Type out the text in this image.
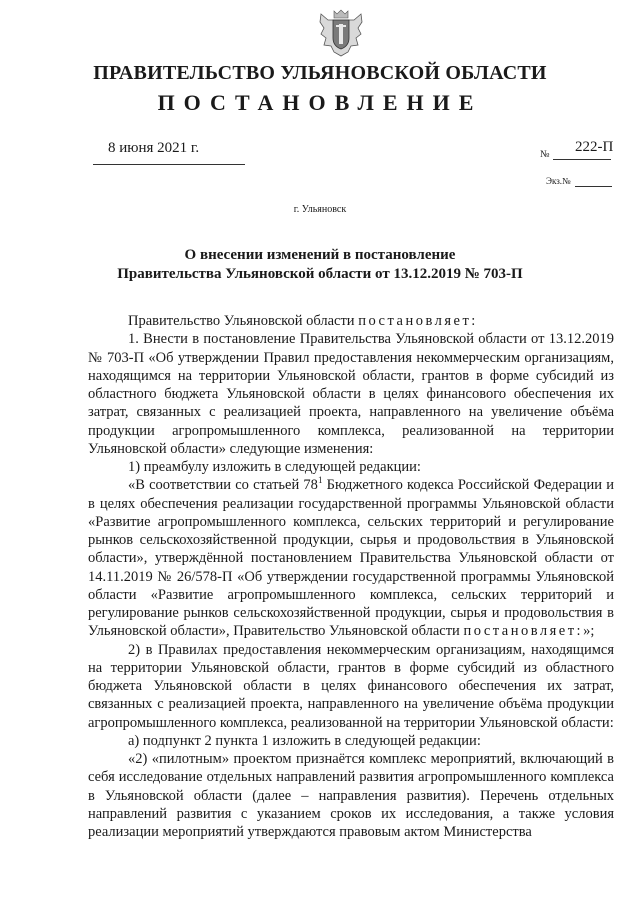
ПРАВИТЕЛЬСТВО УЛЬЯНОВСКОЙ ОБЛАСТИ
ПОСТАНОВЛЕНИЕ
8 июня 2021 г.	№ 222-П
Экз.№
г. Ульяновск
О внесении изменений в постановление
Правительства Ульяновской области от 13.12.2019 № 703-П

Правительство Ульяновской области постановляет:

1. Внести в постановление Правительства Ульяновской области от 13.12.2019 № 703-П «Об утверждении Правил предоставления некоммерческим организациям, находящимся на территории Ульяновской области, грантов в форме субсидий из областного бюджета Ульяновской области в целях финансового обеспечения их затрат, связанных с реализацией проекта, направленного на увеличение объёма продукции агропромышленного комплекса, реализованной на территории Ульяновской области» следующие изменения:

1) преамбулу изложить в следующей редакции:

«В соответствии со статьей $78^1$ Бюджетного кодекса Российской Федерации и в целях обеспечения реализации государственной программы Ульяновской области «Развитие агропромышленного комплекса, сельских территорий и регулирование рынков сельскохозяйственной продукции, сырья и продовольствия в Ульяновской области», утверждённой постановлением Правительства Ульяновской области от 14.11.2019 № 26/578-П «Об утверждении государственной программы Ульяновской области «Развитие агропромышленного комплекса, сельских территорий и регулирование рынков сельскохозяйственной продукции, сырья и продовольствия в Ульяновской области», Правительство Ульяновской области постановляет:»;

2) в Правилах предоставления некоммерческим организациям, находящимся на территории Ульяновской области, грантов в форме субсидий из областного бюджета Ульяновской области в целях финансового обеспечения их затрат, связанных с реализацией проекта, направленного на увеличение объёма продукции агропромышленного комплекса, реализованной на территории Ульяновской области:

а) подпункт 2 пункта 1 изложить в следующей редакции:

«2) «пилотным» проектом признаётся комплекс мероприятий, включающий в себя исследование отдельных направлений развития агропромышленного комплекса в Ульяновской области (далее – направления развития). Перечень отдельных направлений развития с указанием сроков их исследования, а также условия реализации мероприятий утверждаются правовым актом Министерства
